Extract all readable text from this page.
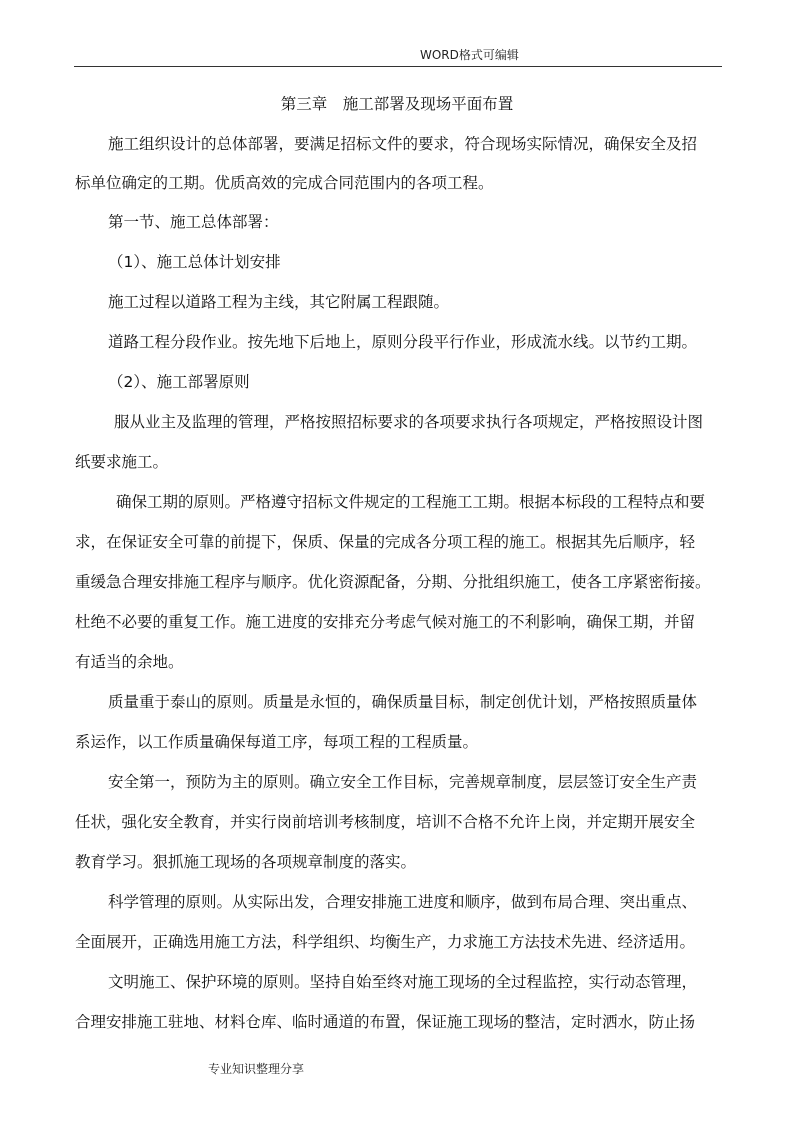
WORD格式可编辑
第三章　施工部署及现场平面布置
施工组织设计的总体部署，要满足招标文件的要求，符合现场实际情况，确保安全及招
标单位确定的工期。优质高效的完成合同范围内的各项工程。
第一节、施工总体部署：
（1）、施工总体计划安排
施工过程以道路工程为主线，其它附属工程跟随。
道路工程分段作业。按先地下后地上，原则分段平行作业，形成流水线。以节约工期。
（2）、施工部署原则
服从业主及监理的管理，严格按照招标要求的各项要求执行各项规定，严格按照设计图
纸要求施工。
确保工期的原则。严格遵守招标文件规定的工程施工工期。根据本标段的工程特点和要
求，在保证安全可靠的前提下，保质、保量的完成各分项工程的施工。根据其先后顺序，轻
重缓急合理安排施工程序与顺序。优化资源配备，分期、分批组织施工，使各工序紧密衔接。
杜绝不必要的重复工作。施工进度的安排充分考虑气候对施工的不利影响，确保工期，并留
有适当的余地。
质量重于泰山的原则。质量是永恒的，确保质量目标，制定创优计划，严格按照质量体
系运作，以工作质量确保每道工序，每项工程的工程质量。
安全第一，预防为主的原则。确立安全工作目标，完善规章制度，层层签订安全生产责
任状，强化安全教育，并实行岗前培训考核制度，培训不合格不允许上岗，并定期开展安全
教育学习。狠抓施工现场的各项规章制度的落实。
科学管理的原则。从实际出发，合理安排施工进度和顺序，做到布局合理、突出重点、
全面展开，正确选用施工方法，科学组织、均衡生产，力求施工方法技术先进、经济适用。
文明施工、保护环境的原则。坚持自始至终对施工现场的全过程监控，实行动态管理，
合理安排施工驻地、材料仓库、临时通道的布置，保证施工现场的整洁，定时洒水，防止扬
专业知识整理分享
